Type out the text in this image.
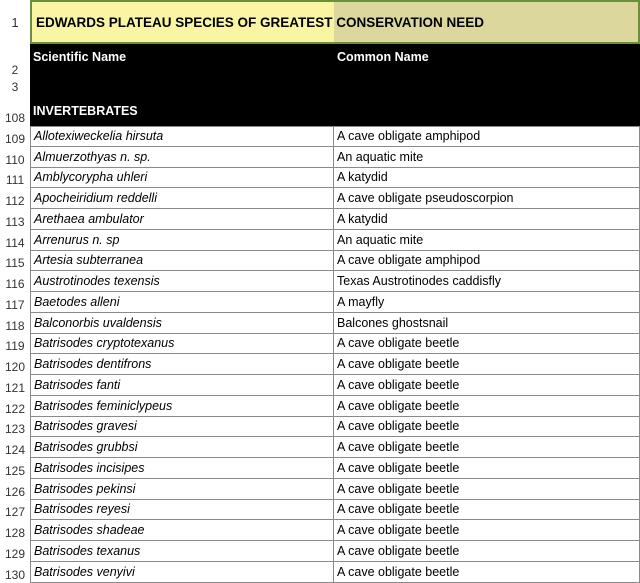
1 EDWARDS PLATEAU SPECIES OF GREATEST CONSERVATION NEED
2
Scientific Name	Common Name
3
108 INVERTEBRATES
109 Allotexiweckelia hirsuta	A cave obligate amphipod
110 Almuerzothyas n. sp.	An aquatic mite
111 Amblycorypha uhleri	A katydid
112 Apocheiridium reddelli	A cave obligate pseudoscorpion
113 Arethaea ambulator	A katydid
114 Arrenurus n. sp	An aquatic mite
115 Artesia subterranea	A cave obligate amphipod
116 Austrotinodes texensis	Texas Austrotinodes caddisfly
117 Baetodes alleni	A mayfly
118 Balconorbis uvaldensis	Balcones ghostsnail
119 Batrisodes cryptotexanus	A cave obligate beetle
120 Batrisodes dentifrons	A cave obligate beetle
121 Batrisodes fanti	A cave obligate beetle
122 Batrisodes feminiclypeus	A cave obligate beetle
123 Batrisodes gravesi	A cave obligate beetle
124 Batrisodes grubbsi	A cave obligate beetle
125 Batrisodes incisipes	A cave obligate beetle
126 Batrisodes pekinsi	A cave obligate beetle
127 Batrisodes reyesi	A cave obligate beetle
128 Batrisodes shadeae	A cave obligate beetle
129 Batrisodes texanus	A cave obligate beetle
130 Batrisodes venyivi	A cave obligate beetle
